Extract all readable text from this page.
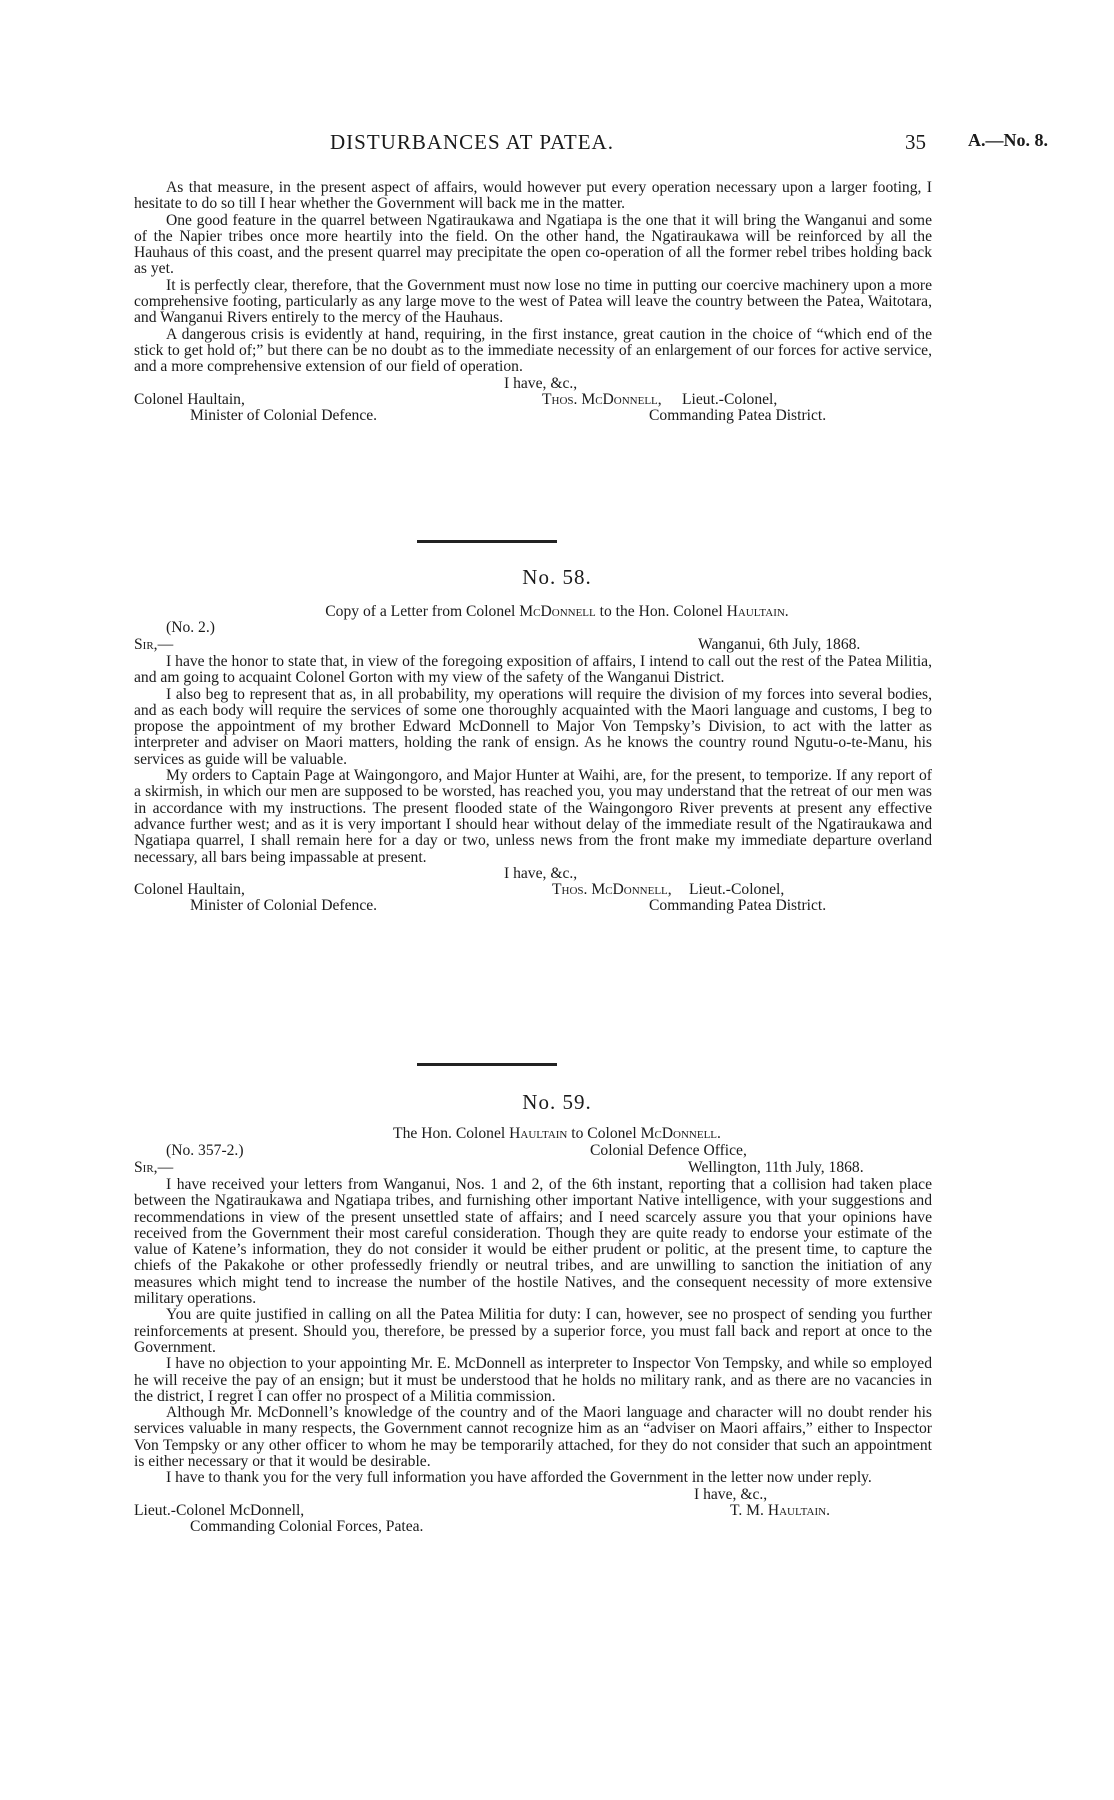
DISTURBANCES AT PATEA.	35 A.—No. 8.

As that measure, in the present aspect of affairs, would however put every operation necessary upon a larger footing, I hesitate to do so till I hear whether the Government will back me in the matter.

One good feature in the quarrel between Ngatiraukawa and Ngatiapa is the one that it will bring the Wanganui and some of the Napier tribes once more heartily into the field. On the other hand, the Ngatiraukawa will be reinforced by all the Hauhaus of this coast, and the present quarrel may precipitate the open co-operation of all the former rebel tribes holding back as yet.

It is perfectly clear, therefore, that the Government must now lose no time in putting our coercive machinery upon a more comprehensive footing, particularly as any large move to the west of Patea will leave the country between the Patea, Waitotara, and Wanganui Rivers entirely to the mercy of the Hauhaus.

A dangerous crisis is evidently at hand, requiring, in the first instance, great caution in the choice of “which end of the stick to get hold of;” but there can be no doubt as to the immediate necessity of an enlargement of our forces for active service, and a more comprehensive extension of our field of operation.

I have, &c.,
Colonel Haultain,	Thos. McDonnell, Lieut.-Colonel,
Minister of Colonial Defence.	Commanding Patea District.
No. 58.
Copy of a Letter from Colonel McDonnell to the Hon. Colonel Haultain.
(No. 2.)
Sir,—	Wanganui, 6th July, 1868.

I have the honor to state that, in view of the foregoing exposition of affairs, I intend to call out the rest of the Patea Militia, and am going to acquaint Colonel Gorton with my view of the safety of the Wanganui District.

I also beg to represent that as, in all probability, my operations will require the division of my forces into several bodies, and as each body will require the services of some one thoroughly acquainted with the Maori language and customs, I beg to propose the appointment of my brother Edward McDonnell to Major Von Tempsky’s Division, to act with the latter as interpreter and adviser on Maori matters, holding the rank of ensign. As he knows the country round Ngutu-o-te-Manu, his services as guide will be valuable.

My orders to Captain Page at Waingongoro, and Major Hunter at Waihi, are, for the present, to temporize. If any report of a skirmish, in which our men are supposed to be worsted, has reached you, you may understand that the retreat of our men was in accordance with my instructions. The present flooded state of the Waingongoro River prevents at present any effective advance further west; and as it is very important I should hear without delay of the immediate result of the Ngatiraukawa and Ngatiapa quarrel, I shall remain here for a day or two, unless news from the front make my immediate departure overland necessary, all bars being impassable at present.

I have, &c.,
Colonel Haultain,	Thos. McDonnell, Lieut.-Colonel,
Minister of Colonial Defence.	Commanding Patea District.
No. 59.
The Hon. Colonel Haultain to Colonel McDonnell.
(No. 357-2.)	Colonial Defence Office,
Sir,—	Wellington, 11th July, 1868.

I have received your letters from Wanganui, Nos. 1 and 2, of the 6th instant, reporting that a collision had taken place between the Ngatiraukawa and Ngatiapa tribes, and furnishing other important Native intelligence, with your suggestions and recommendations in view of the present unsettled state of affairs; and I need scarcely assure you that your opinions have received from the Government their most careful consideration. Though they are quite ready to endorse your estimate of the value of Katene’s information, they do not consider it would be either prudent or politic, at the present time, to capture the chiefs of the Pakakohe or other professedly friendly or neutral tribes, and are unwilling to sanction the initiation of any measures which might tend to increase the number of the hostile Natives, and the consequent necessity of more extensive military operations.

You are quite justified in calling on all the Patea Militia for duty: I can, however, see no prospect of sending you further reinforcements at present. Should you, therefore, be pressed by a superior force, you must fall back and report at once to the Government.

I have no objection to your appointing Mr. E. McDonnell as interpreter to Inspector Von Tempsky, and while so employed he will receive the pay of an ensign; but it must be understood that he holds no military rank, and as there are no vacancies in the district, I regret I can offer no prospect of a Militia commission.

Although Mr. McDonnell’s knowledge of the country and of the Maori language and character will no doubt render his services valuable in many respects, the Government cannot recognize him as an “adviser on Maori affairs,” either to Inspector Von Tempsky or any other officer to whom he may be temporarily attached, for they do not consider that such an appointment is either necessary or that it would be desirable.

I have to thank you for the very full information you have afforded the Government in the letter now under reply.

I have, &c.,
Lieut.-Colonel McDonnell,	T. M. Haultain.
Commanding Colonial Forces, Patea.
